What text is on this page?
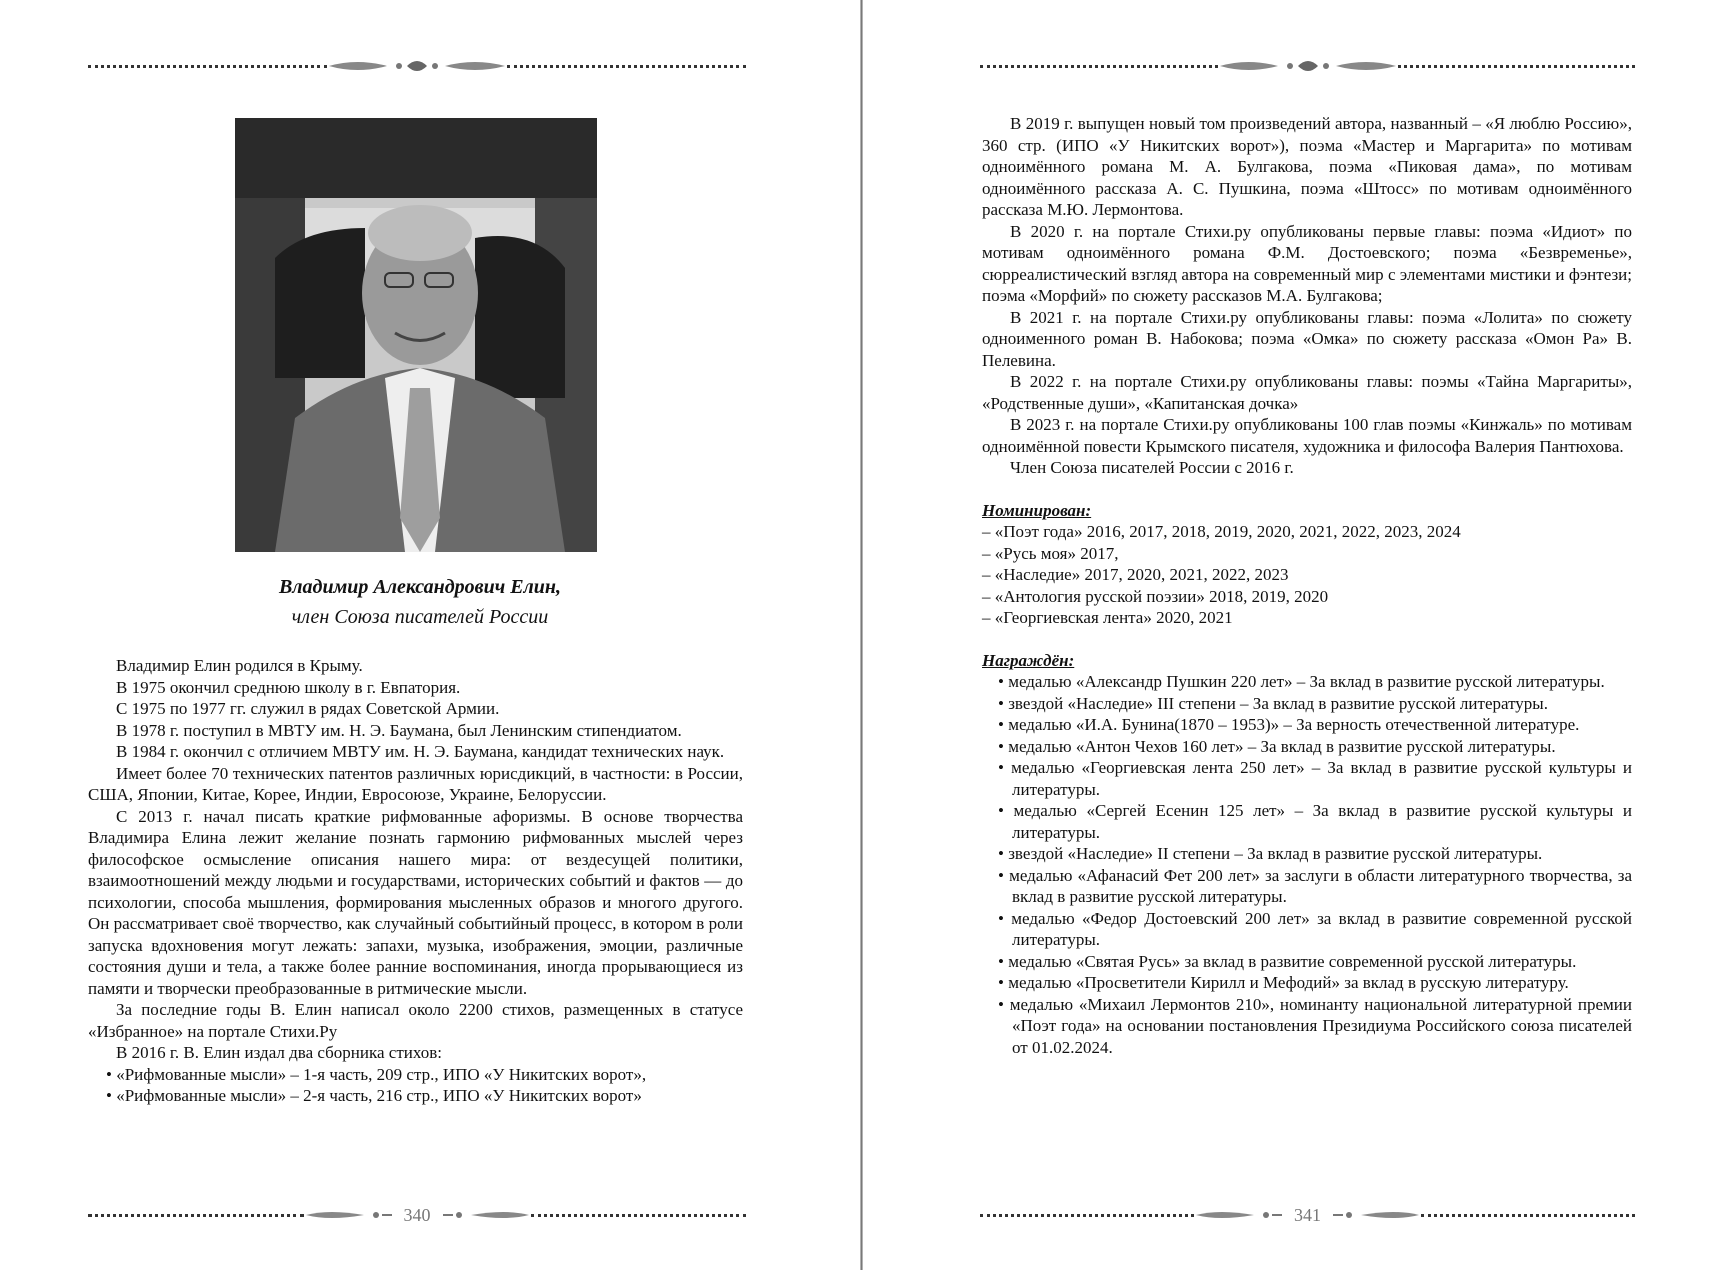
Владимир Александрович Елин,
член Союза писателей России

Владимир Елин родился в Крыму.

В 1975 окончил среднюю школу в г. Евпатория.

С 1975 по 1977 гг. служил в рядах Советской Армии.

В 1978 г. поступил в МВТУ им. Н. Э. Баумана, был Ленинским стипендиатом.

В 1984 г. окончил с отличием МВТУ им. Н. Э. Баумана, кандидат технических наук.

Имеет более 70 технических патентов различных юрисдикций, в частности: в России, США, Японии, Китае, Корее, Индии, Евросоюзе, Украине, Белоруссии.

С 2013 г. начал писать краткие рифмованные афоризмы. В основе творчества Владимира Елина лежит желание познать гармонию рифмованных мыслей через философское осмысление описания нашего мира: от вездесущей политики, взаимоотношений между людьми и государствами, исторических событий и фактов — до психологии, способа мышления, формирования мысленных образов и многого другого. Он рассматривает своё творчество, как случайный событийный процесс, в котором в роли запуска вдохновения могут лежать: запахи, музыка, изображения, эмоции, различные состояния души и тела, а также более ранние воспоминания, иногда прорывающиеся из памяти и творчески преобразованные в ритмические мысли.

За последние годы В. Елин написал около 2200 стихов, размещенных в статусе «Избранное» на портале Стихи.Ру

В 2016 г. В. Елин издал два сборника стихов:

• «Рифмованные мысли» – 1-я часть, 209 стр., ИПО «У Никитских ворот»,
• «Рифмованные мысли» – 2-я часть, 216 стр., ИПО «У Никитских ворот»
340	341

В 2019 г. выпущен новый том произведений автора, названный – «Я люблю Россию», 360 стр. (ИПО «У Никитских ворот»), поэма «Мастер и Маргарита» по мотивам одноимённого романа М. А. Булгакова, поэма «Пиковая дама», по мотивам одноимённого рассказа А. С. Пушкина, поэма «Штосс» по мотивам одноимённого рассказа М.Ю. Лермонтова.

В 2020 г. на портале Стихи.ру опубликованы первые главы: поэма «Идиот» по мотивам одноимённого романа Ф.М. Достоевского; поэма «Безвременье», сюрреалистический взгляд автора на современный мир с элементами мистики и фэнтези; поэма «Морфий» по сюжету рассказов М.А. Булгакова;

В 2021 г. на портале Стихи.ру опубликованы главы: поэма «Лолита» по сюжету одноименного роман В. Набокова; поэма «Омка» по сюжету рассказа «Омон Ра» В. Пелевина.

В 2022 г. на портале Стихи.ру опубликованы главы: поэмы «Тайна Маргариты», «Родственные души», «Капитанская дочка»

В 2023 г. на портале Стихи.ру опубликованы 100 глав поэмы «Кинжаль» по мотивам одноимённой повести Крымского писателя, художника и философа Валерия Пантюхова.

Член Союза писателей России с 2016 г.

Номинирован:

– «Поэт года» 2016, 2017, 2018, 2019, 2020, 2021, 2022, 2023, 2024

– «Русь моя» 2017,

– «Наследие» 2017, 2020, 2021, 2022, 2023

– «Антология русской поэзии» 2018, 2019, 2020

– «Георгиевская лента» 2020, 2021

Награждён:

• медалью «Александр Пушкин 220 лет» – За вклад в развитие русской литературы.
• звездой «Наследие» III степени – За вклад в развитие русской литературы.
• медалью «И.А. Бунина(1870 – 1953)» – За верность отечественной литературе.
• медалью «Антон Чехов 160 лет» – За вклад в развитие русской литературы.
• медалью «Георгиевская лента 250 лет» – За вклад в развитие русской культуры и литературы.
• медалью «Сергей Есенин 125 лет» – За вклад в развитие русской культуры и литературы.
• звездой «Наследие» II степени – За вклад в развитие русской литературы.
• медалью «Афанасий Фет 200 лет» за заслуги в области литературного творчества, за вклад в развитие русской литературы.
• медалью «Федор Достоевский 200 лет» за вклад в развитие современной русской литературы.
• медалью «Святая Русь» за вклад в развитие современной русской литературы.
• медалью «Просветители Кирилл и Мефодий» за вклад в русскую литературу.
• медалью «Михаил Лермонтов 210», номинанту национальной литературной премии «Поэт года» на основании постановления Президиума Российского союза писателей от 01.02.2024.
